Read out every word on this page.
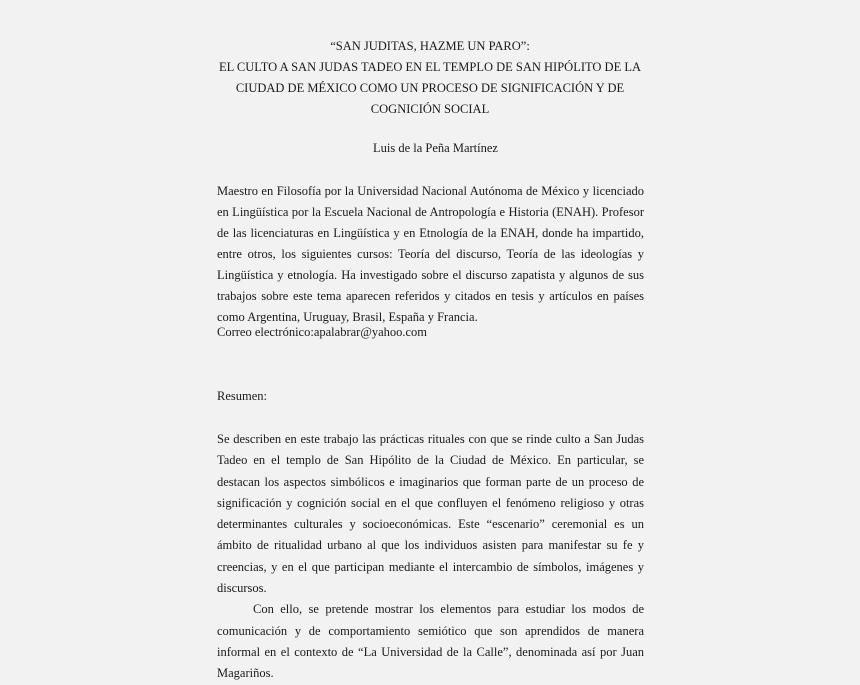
“SAN JUDITAS, HAZME UN PARO”:
EL CULTO A SAN JUDAS TADEO EN EL TEMPLO DE SAN HIPÓLITO DE LA
CIUDAD DE MÉXICO COMO UN PROCESO DE SIGNIFICACIÓN Y DE
COGNICIÓN SOCIAL
Luis de la Peña Martínez

Maestro en Filosofía por la Universidad Nacional Autónoma de México y licenciado en Lingüística por la Escuela Nacional de Antropología e Historia (ENAH). Profesor de las licenciaturas en Lingüística y en Etnología de la ENAH, donde ha impartido, entre otros, los siguientes cursos: Teoría del discurso, Teoría de las ideologías y Lingüística y etnología. Ha investigado sobre el discurso zapatista y algunos de sus trabajos sobre este tema aparecen referidos y citados en tesis y artículos en países como Argentina, Uruguay, Brasil, España y Francia.

Correo electrónico:apalabrar@yahoo.com
Resumen:

Se describen en este trabajo las prácticas rituales con que se rinde culto a San Judas Tadeo en el templo de San Hipólito de la Ciudad de México. En particular, se destacan los aspectos simbólicos e imaginarios que forman parte de un proceso de significación y cognición social en el que confluyen el fenómeno religioso y otras determinantes culturales y socioeconómicas. Este “escenario” ceremonial es un ámbito de ritualidad urbano al que los individuos asisten para manifestar su fe y creencias, y en el que participan mediante el intercambio de símbolos, imágenes y discursos.

Con ello, se pretende mostrar los elementos para estudiar los modos de comunicación y de comportamiento semiótico que son aprendidos de manera informal en el contexto de “La Universidad de la Calle”, denominada así por Juan Magariños.
